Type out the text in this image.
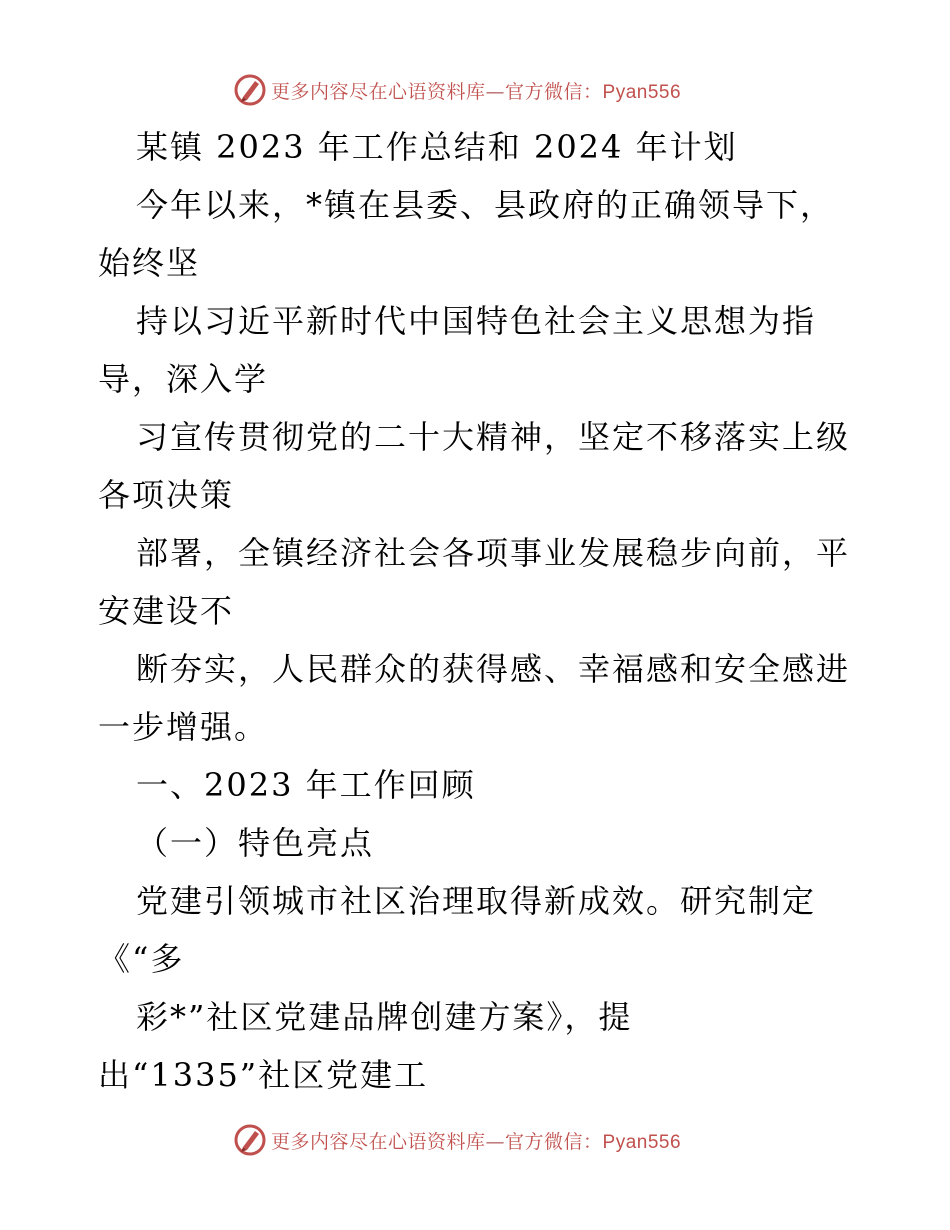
更多内容尽在心语资料库—官方微信：Pyan556
某镇 2023 年工作总结和 2024 年计划
今年以来，*镇在县委、县政府的正确领导下，
始终坚
持以习近平新时代中国特色社会主义思想为指
导，深入学
习宣传贯彻党的二十大精神，坚定不移落实上级
各项决策
部署，全镇经济社会各项事业发展稳步向前，平
安建设不
断夯实，人民群众的获得感、幸福感和安全感进
一步增强。
一、2023 年工作回顾
（一）特色亮点
党建引领城市社区治理取得新成效。研究制定
《“多
彩*”社区党建品牌创建方案》，提
出“1335”社区党建工
更多内容尽在心语资料库—官方微信：Pyan556
